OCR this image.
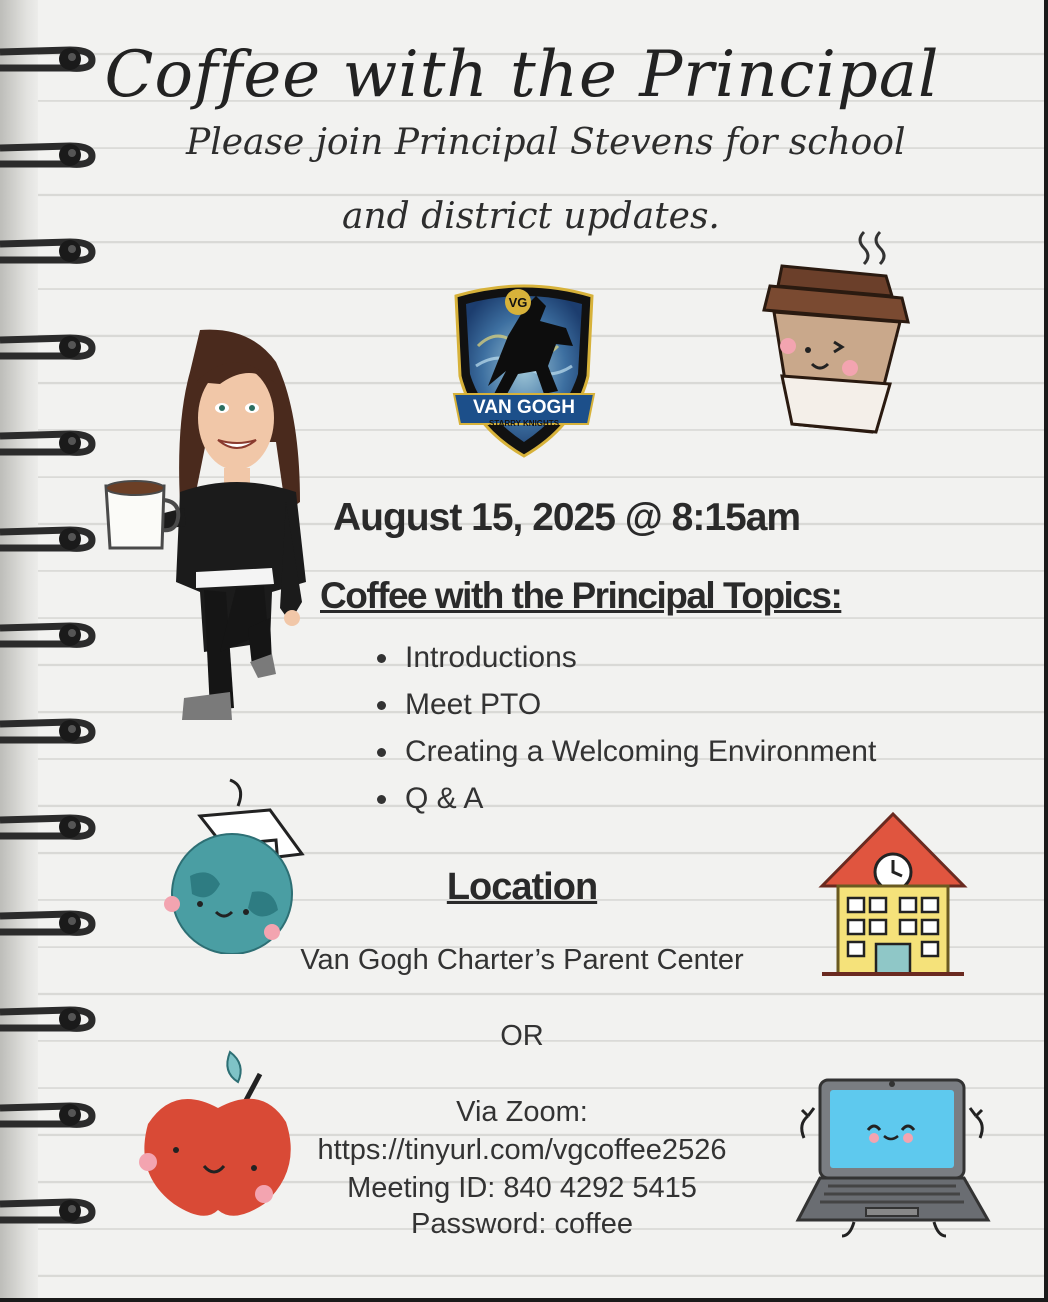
Coffee with the Principal
Please join Principal Stevens for school
and district updates.
VG
VAN GOGH
STARRY KNIGHTS
August 15, 2025 @ 8:15am
Coffee with the Principal Topics:
Introductions
Meet PTO
Creating a Welcoming Environment
Q & A
Location
Van Gogh Charter’s Parent Center
OR
Via Zoom:
https://tinyurl.com/vgcoffee2526
Meeting ID: 840 4292 5415
Password: coffee
